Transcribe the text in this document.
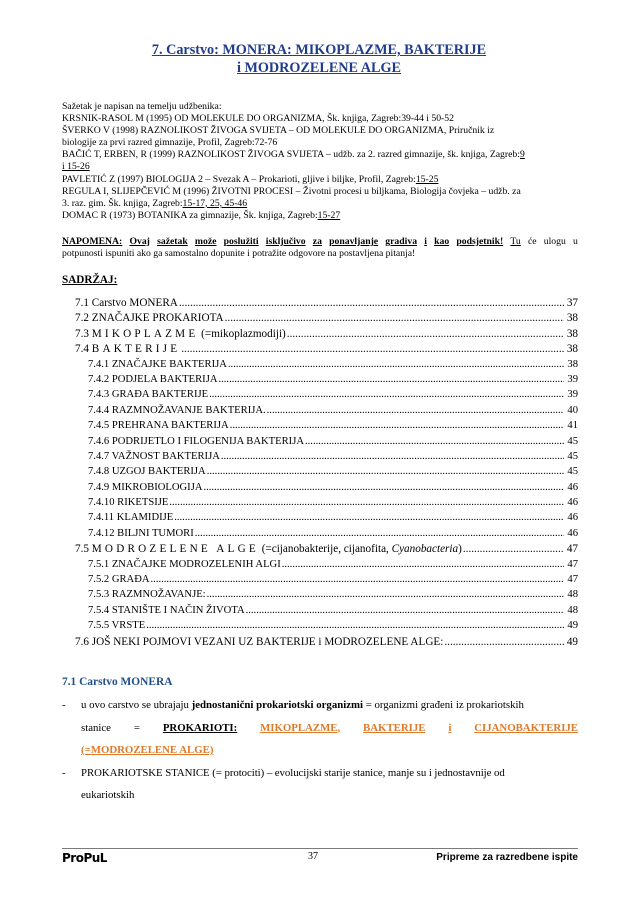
7. Carstvo: MONERA: MIKOPLAZME, BAKTERIJE
i MODROZELENE ALGE
Sažetak je napisan na temelju udžbenika:
KRSNIK-RASOL M (1995) OD MOLEKULE DO ORGANIZMA, Šk. knjiga, Zagreb:39-44 i 50-52
ŠVERKO V (1998) RAZNOLIKOST ŽIVOGA SVIJETA – OD MOLEKULE DO ORGANIZMA, Priručnik iz
biologije za prvi razred gimnazije, Profil, Zagreb:72-76
BAČIĆ T, ERBEN, R (1999) RAZNOLIKOST ŽIVOGA SVIJETA – udžb. za 2. razred gimnazije, šk. knjiga, Zagreb:9
i 15-26
PAVLETIĆ Z (1997) BIOLOGIJA 2 – Svezak A – Prokarioti, gljive i biljke, Profil, Zagreb:15-25
REGULA I, SLIJEPČEVIĆ M (1996) ŽIVOTNI PROCESI – Životni procesi u biljkama, Biologija čovjeka – udžb. za
3. raz. gim. Šk. knjiga, Zagreb:15-17, 25, 45-46
DOMAC R (1973) BOTANIKA za gimnazije, Šk. knjiga, Zagreb:15-27
NAPOMENA: Ovaj sažetak može poslužiti isključivo za ponavljanje gradiva i kao podsjetnik! Tu će ulogu u
potpunosti ispuniti ako ga samostalno dopunite i potražite odgovore na postavljena pitanja!
SADRŽAJ:
7.1 Carstvo MONERA .....	37
7.2 ZNAČAJKE PROKARIOTA .....	38
7.3 MIKOPLAZME (=mikoplazmodiji) .....	38
7.4 BAKTERIJE .....	38
7.4.1 ZNAČAJKE BAKTERIJA .....	38
7.4.2 PODJELA BAKTERIJA .....	39
7.4.3 GRAĐA BAKTERIJE .....	39
7.4.4 RAZMNOŽAVANJE BAKTERIJA. .....	40
7.4.5 PREHRANA BAKTERIJA .....	41
7.4.6 PODRIJETLO I FILOGENIJA BAKTERIJA .....	45
7.4.7 VAŽNOST BAKTERIJA .....	45
7.4.8 UZGOJ BAKTERIJA .....	45
7.4.9 MIKROBIOLOGIJA .....	46
7.4.10 RIKETSIJE .....	46
7.4.11 KLAMIDIJE .....	46
7.4.12 BILJNI TUMORI .....	46
7.5 MODROZELENE ALGE (=cijanobakterije, cijanofita, Cyanobacteria) .....	47
7.5.1 ZNAČAJKE MODROZELENIH ALGI .....	47
7.5.2 GRAĐA .....	47
7.5.3 RAZMNOŽAVANJE: .....	48
7.5.4 STANIŠTE I NAČIN ŽIVOTA .....	48
7.5.5 VRSTE .....	49
7.6 JOŠ NEKI POJMOVI VEZANI UZ BAKTERIJE i MODROZELENE ALGE: .....	49
7.1 Carstvo MONERA
-	u ovo carstvo se ubrajaju jednostanični prokariotski organizmi = organizmi građeni iz prokariotskih
stanice = PROKARIOTI: MIKOPLAZME, BAKTERIJE i CIJANOBAKTERIJE
(=MODROZELENE ALGE)
-	PROKARIOTSKE STANICE (= protociti) – evolucijski starije stanice, manje su i jednostavnije od
eukariotskih
ProPuL	37	Pripreme za razredbene ispite
